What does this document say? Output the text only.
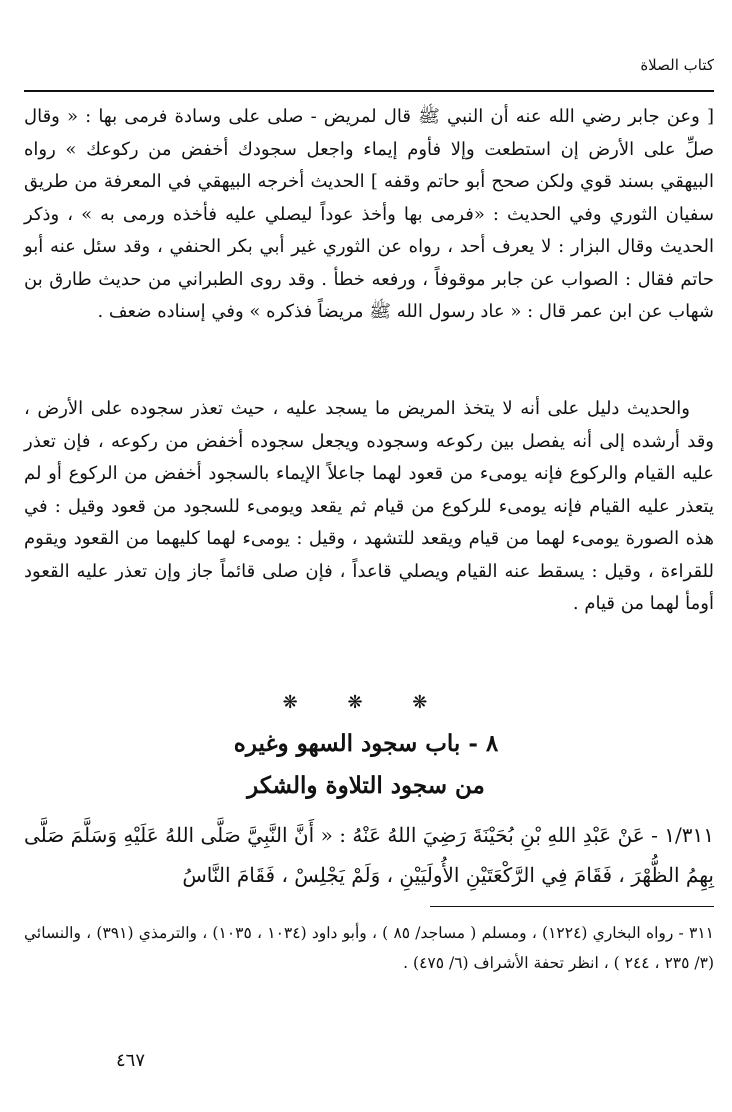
كتاب الصلاة

[ وعن جابر رضي الله عنه أن النبي ﷺ قال لمريض - صلى على وسادة فرمى بها : « وقال صلِّ على الأرض إن استطعت وإلا فأوم إيماء واجعل سجودك أخفض من ركوعك » رواه البيهقي بسند قوي ولكن صحح أبو حاتم وقفه ] الحديث أخرجه البيهقي في المعرفة من طريق سفيان الثوري وفي الحديث : «فرمى بها وأخذ عوداً ليصلي عليه فأخذه ورمى به » ، وذكر الحديث وقال البزار : لا يعرف أحد ، رواه عن الثوري غير أبي بكر الحنفي ، وقد سئل عنه أبو حاتم فقال : الصواب عن جابر موقوفاً ، ورفعه خطأ . وقد روى الطبراني من حديث طارق بن شهاب عن ابن عمر قال : « عاد رسول الله ﷺ مريضاً فذكره » وفي إسناده ضعف .

والحديث دليل على أنه لا يتخذ المريض ما يسجد عليه ، حيث تعذر سجوده على الأرض ، وقد أرشده إلى أنه يفصل بين ركوعه وسجوده ويجعل سجوده أخفض من ركوعه ، فإن تعذر عليه القيام والركوع فإنه يومىء من قعود لهما جاعلاً الإيماء بالسجود أخفض من الركوع أو لم يتعذر عليه القيام فإنه يومىء للركوع من قيام ثم يقعد ويومىء للسجود من قعود وقيل : في هذه الصورة يومىء لهما من قيام ويقعد للتشهد ، وقيل : يومىء لهما كليهما من القعود ويقوم للقراءة ، وقيل : يسقط عنه القيام ويصلي قاعداً ، فإن صلى قائماً جاز وإن تعذر عليه القعود أومأ لهما من قيام .

❋ ❋ ❋
٨ - باب سجود السهو وغيره
من سجود التلاوة والشكر

١/٣١١ - عَنْ عَبْدِ اللهِ بْنِ بُحَيْنَةَ رَضِيَ اللهُ عَنْهُ : « أَنَّ النَّبِيَّ صَلَّى اللهُ عَلَيْهِ وَسَلَّمَ صَلَّى بِهِمُ الظُّهْرَ ، فَقَامَ فِي الرَّكْعَتَيْنِ الأُولَيَيْنِ ، وَلَمْ يَجْلِسْ ، فَقَامَ النَّاسُ

٣١١ - رواه البخاري (١٢٢٤) ، ومسلم ( مساجد/ ٨٥ ) ، وأبو داود (١٠٣٤ ، ١٠٣٥) ، والترمذي (٣٩١) ، والنسائي (٣/ ٢٣٥ ، ٢٤٤ ) ، انظر تحفة الأشراف (٦/ ٤٧٥) .

٤٦٧
